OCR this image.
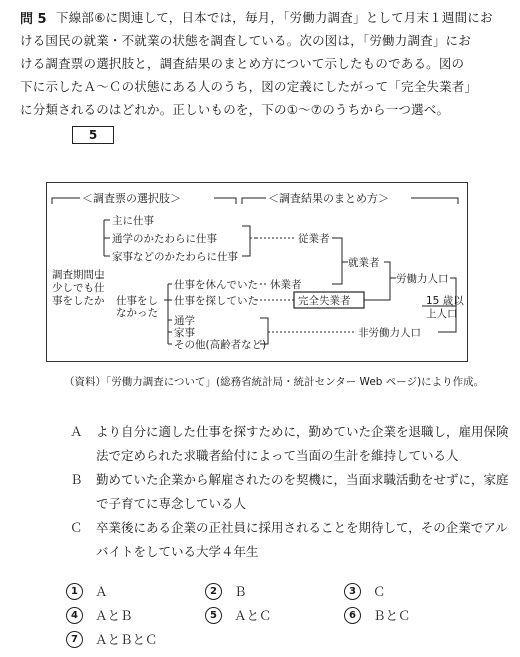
問 5 下線部⑥に関連して，日本では，毎月，「労働力調査」として月末１週間にお
ける国民の就業・不就業の状態を調査している。次の図は，「労働力調査」にお
ける調査票の選択肢と，調査結果のまとめ方について示したものである。図の
下に示したＡ～Ｃの状態にある人のうち，図の定義にしたがって「完全失業者」
に分類されるのはどれか。正しいものを，下の①～⑦のうちから一つ選べ。
5
＜調査票の選択肢＞	＜調査結果のまとめ方＞
調査期間中
少しでも仕
事をしたか 仕事をし
なかった
主に仕事
通学のかたわらに仕事
家事などのかたわらに仕事
仕事を休んでいた
仕事を探していた
通学
家事
その他(高齢者など)
従業者
休業者
完全失業者
就業者
労働力人口
非労働力人口
15 歳以
上人口
（資料）「労働力調査について」(総務省統計局・統計センター Web ページ)により作成。
Ａ より自分に適した仕事を探すために，勤めていた企業を退職し，雇用保険
法で定められた求職者給付によって当面の生計を維持している人
Ｂ 勤めていた企業から解雇されたのを契機に，当面求職活動をせずに，家庭
で子育てに専念している人
Ｃ 卒業後にある企業の正社員に採用されることを期待して，その企業でアル
バイトをしている大学４年生
1	Ａ	2	Ｂ	3	Ｃ
4	ＡとＢ	5	ＡとＣ	6	ＢとＣ
7	ＡとＢとＣ
